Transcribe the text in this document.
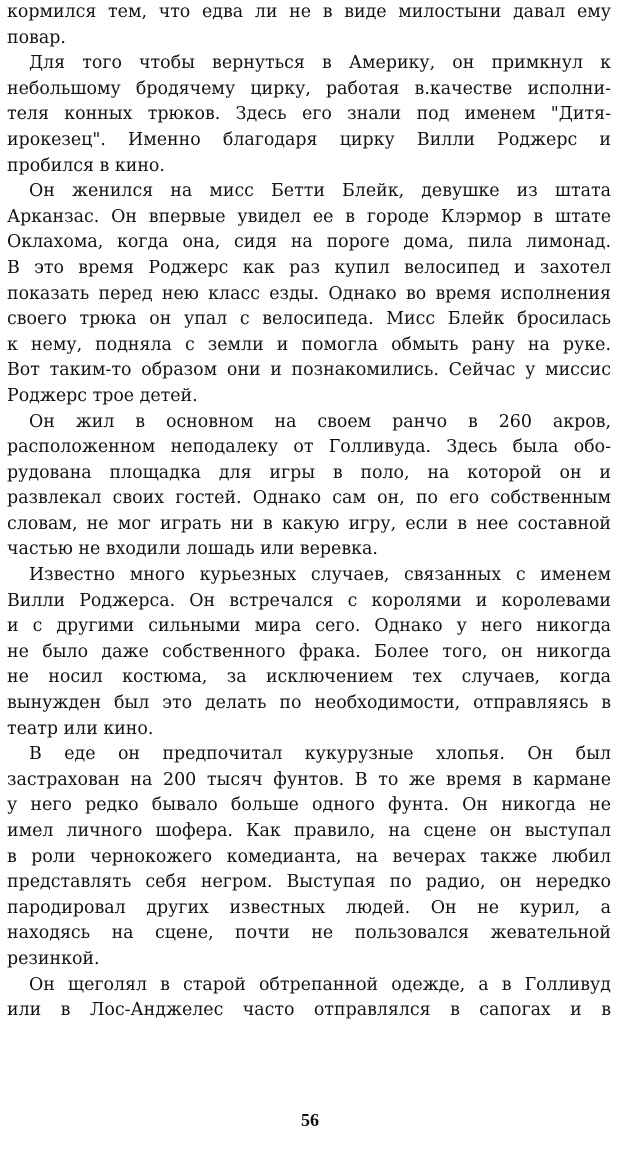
кормился тем, что едва ли не в виде милостыни давал ему
повар.
Для того чтобы вернуться в Америку, он примкнул к
небольшому бродячему цирку, работая в.качестве исполни-
теля конных трюков. Здесь его знали под именем "Дитя-
ирокезец". Именно благодаря цирку Вилли Роджерс и
пробился в кино.
Он женился на мисс Бетти Блейк, девушке из штата
Арканзас. Он впервые увидел ее в городе Клэрмор в штате
Оклахома, когда она, сидя на пороге дома, пила лимонад.
В это время Роджерс как раз купил велосипед и захотел
показать перед нею класс езды. Однако во время исполнения
своего трюка он упал с велосипеда. Мисс Блейк бросилась
к нему, подняла с земли и помогла обмыть рану на руке.
Вот таким-то образом они и познакомились. Сейчас у миссис
Роджерс трое детей.
Он жил в основном на своем ранчо в 260 акров,
расположенном неподалеку от Голливуда. Здесь была обо-
рудована площадка для игры в поло, на которой он и
развлекал своих гостей. Однако сам он, по его собственным
словам, не мог играть ни в какую игру, если в нее составной
частью не входили лошадь или веревка.
Известно много курьезных случаев, связанных с именем
Вилли Роджерса. Он встречался с королями и королевами
и с другими сильными мира сего. Однако у него никогда
не было даже собственного фрака. Более того, он никогда
не носил костюма, за исключением тех случаев, когда
вынужден был это делать по необходимости, отправляясь в
театр или кино.
В еде он предпочитал кукурузные хлопья. Он был
застрахован на 200 тысяч фунтов. В то же время в кармане
у него редко бывало больше одного фунта. Он никогда не
имел личного шофера. Как правило, на сцене он выступал
в роли чернокожего комедианта, на вечерах также любил
представлять себя негром. Выступая по радио, он нередко
пародировал других известных людей. Он не курил, а
находясь на сцене, почти не пользовался жевательной
резинкой.
Он щеголял в старой обтрепанной одежде, а в Голливуд
или в Лос-Анджелес часто отправлялся в сапогах и в
56
